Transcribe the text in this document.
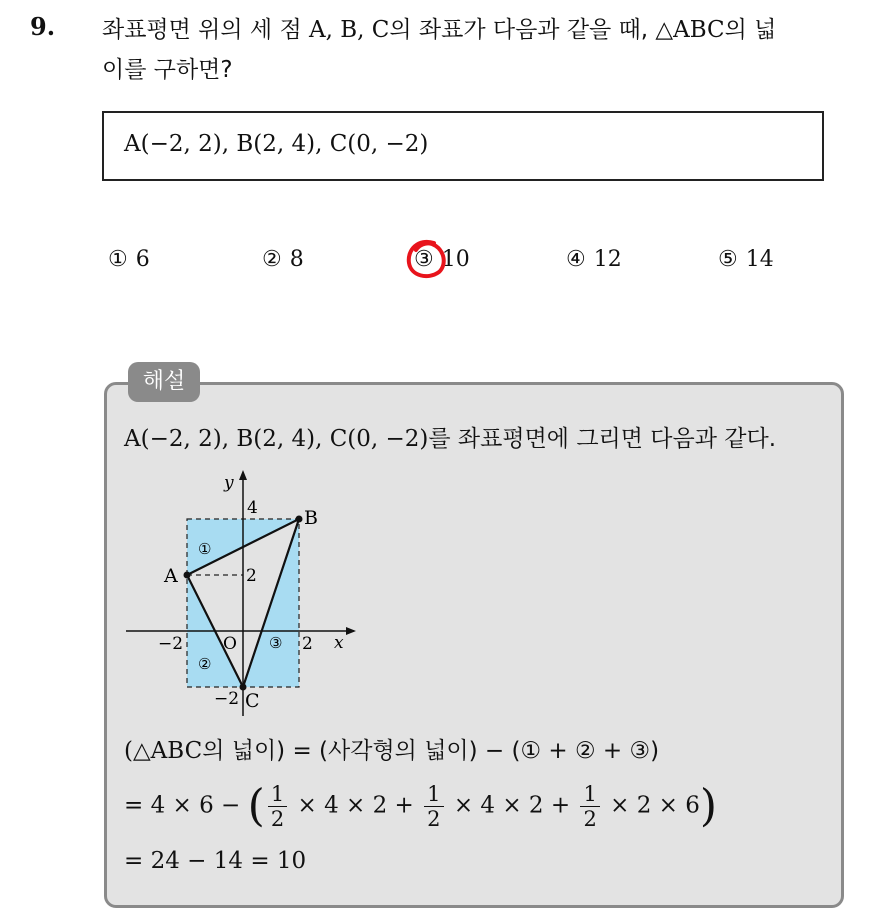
9. 좌표평면 위의 세 점 A, B, C의 좌표가 다음과 같을 때, △ABC의 넓
이를 구하면?
A(−2, 2), B(2, 4), C(0, −2)
① 6	② 8	③ 10	④ 12	⑤ 14
해설
A(−2, 2), B(2, 4), C(0, −2)를 좌표평면에 그리면 다음과 같다.
A
B
C
y
x
O
−2	2
4
2
−2
①
②
③
(△ABC의 넓이) = (사각형의 넓이) − (① + ② + ③)
= 4 × 6 − ( $\frac{1}{2} \times 4 \times 2 + \frac{1}{2} \times 4 \times 2 + \frac{1}{2} \times 2 \times 6$)
= 24 − 14 = 10
